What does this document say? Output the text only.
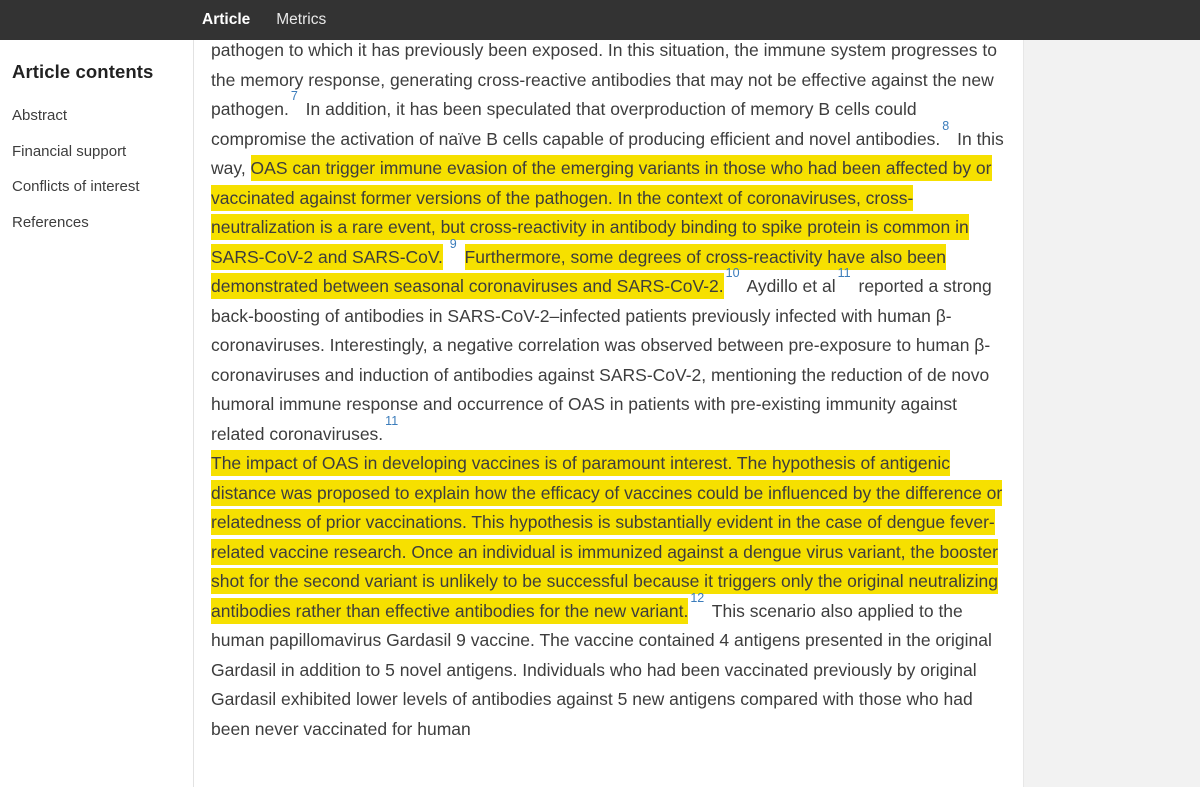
Article Metrics
Article contents
Abstract
Financial support
Conflicts of interest
References

pathogen to which it has previously been exposed. In this situation, the immune system progresses to the memory response, generating cross-reactive antibodies that may not be effective against the new pathogen.$^7$ In addition, it has been speculated that overproduction of memory B cells could compromise the activation of naïve B cells capable of producing efficient and novel antibodies.$^8$ In this way, OAS can trigger immune evasion of the emerging variants in those who had been affected by or vaccinated against former versions of the pathogen. In the context of coronaviruses, cross-neutralization is a rare event, but cross-reactivity in antibody binding to spike protein is common in SARS-CoV-2 and SARS-CoV. $^9$ Furthermore, some degrees of cross-reactivity have also been demonstrated between seasonal coronaviruses and SARS-CoV-2.10 Aydillo et al$^{11}$ reported a strong back-boosting of antibodies in SARS-CoV-2–infected patients previously infected with human β-coronaviruses. Interestingly, a negative correlation was observed between pre-exposure to human β-coronaviruses and induction of antibodies against SARS-CoV-2, mentioning the reduction of de novo humoral immune response and occurrence of OAS in patients with pre-existing immunity against related coronaviruses.$^{11}$

The impact of OAS in developing vaccines is of paramount interest. The hypothesis of antigenic distance was proposed to explain how the efficacy of vaccines could be influenced by the difference or relatedness of prior vaccinations. This hypothesis is substantially evident in the case of dengue fever-related vaccine research. Once an individual is immunized against a dengue virus variant, the booster shot for the second variant is unlikely to be successful because it triggers only the original neutralizing antibodies rather than effective antibodies for the new variant.$^{12}$ This scenario also applied to the human papillomavirus Gardasil 9 vaccine. The vaccine contained 4 antigens presented in the original Gardasil in addition to 5 novel antigens. Individuals who had been vaccinated previously by original Gardasil exhibited lower levels of antibodies against 5 new antigens compared with those who had been never vaccinated for human
